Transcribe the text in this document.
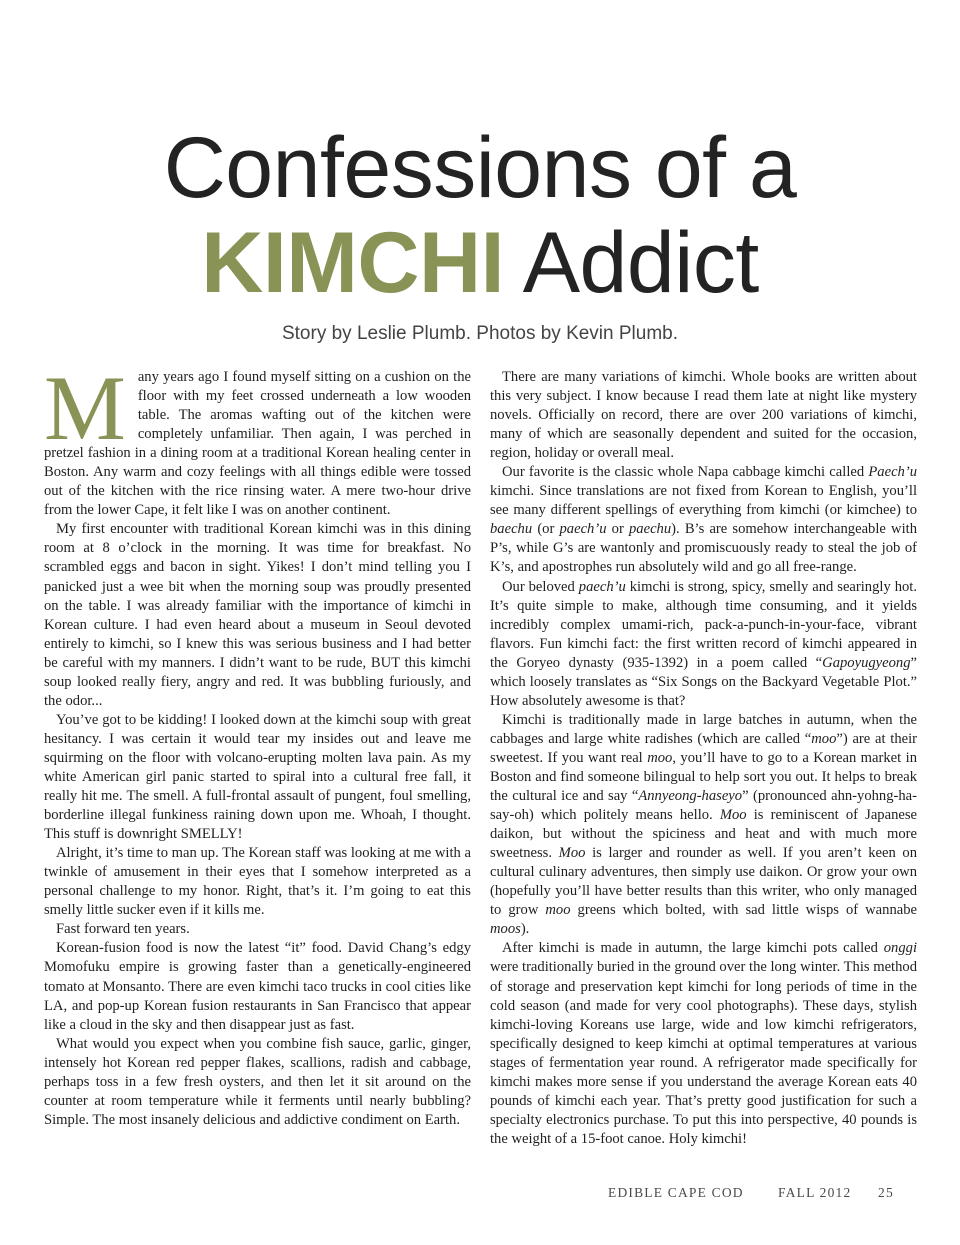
Confessions of a
KIMCHI Addict
Story by Leslie Plumb. Photos by Kevin Plumb.

Many years ago I found myself sitting on a cushion on the floor with my feet crossed underneath a low wooden table. The aromas wafting out of the kitchen were completely unfamiliar. Then again, I was perched in pretzel fashion in a dining room at a traditional Korean healing center in Boston. Any warm and cozy feelings with all things edible were tossed out of the kitchen with the rice rinsing water. A mere two-hour drive from the lower Cape, it felt like I was on another continent.

My first encounter with traditional Korean kimchi was in this dining room at 8 o’clock in the morning. It was time for breakfast. No scrambled eggs and bacon in sight. Yikes! I don’t mind telling you I panicked just a wee bit when the morning soup was proudly presented on the table. I was already familiar with the importance of kimchi in Korean culture. I had even heard about a museum in Seoul devoted entirely to kimchi, so I knew this was serious business and I had better be careful with my manners. I didn’t want to be rude, BUT this kimchi soup looked really fiery, angry and red. It was bubbling furiously, and the odor...

You’ve got to be kidding! I looked down at the kimchi soup with great hesitancy. I was certain it would tear my insides out and leave me squirming on the floor with volcano-erupting molten lava pain. As my white American girl panic started to spiral into a cultural free fall, it really hit me. The smell. A full-frontal assault of pungent, foul smelling, borderline illegal funkiness raining down upon me. Whoah, I thought. This stuff is downright SMELLY!

Alright, it’s time to man up. The Korean staff was looking at me with a twinkle of amusement in their eyes that I somehow interpreted as a personal challenge to my honor. Right, that’s it. I’m going to eat this smelly little sucker even if it kills me.

Fast forward ten years.

Korean-fusion food is now the latest “it” food. David Chang’s edgy Momofuku empire is growing faster than a genetically-engineered tomato at Monsanto. There are even kimchi taco trucks in cool cities like LA, and pop-up Korean fusion restaurants in San Francisco that appear like a cloud in the sky and then disappear just as fast.

What would you expect when you combine fish sauce, garlic, ginger, intensely hot Korean red pepper flakes, scallions, radish and cabbage, perhaps toss in a few fresh oysters, and then let it sit around on the counter at room temperature while it ferments until nearly bubbling? Simple. The most insanely delicious and addictive condiment on Earth.

There are many variations of kimchi. Whole books are written about this very subject. I know because I read them late at night like mystery novels. Officially on record, there are over 200 variations of kimchi, many of which are seasonally dependent and suited for the occasion, region, holiday or overall meal.

Our favorite is the classic whole Napa cabbage kimchi called Paech’u kimchi. Since translations are not fixed from Korean to English, you’ll see many different spellings of everything from kimchi (or kimchee) to baechu (or paech’u or paechu). B’s are somehow interchangeable with P’s, while G’s are wantonly and promiscuously ready to steal the job of K’s, and apostrophes run absolutely wild and go all free-range.

Our beloved paech’u kimchi is strong, spicy, smelly and searingly hot. It’s quite simple to make, although time consuming, and it yields incredibly complex umami-rich, pack-a-punch-in-your-face, vibrant flavors. Fun kimchi fact: the first written record of kimchi appeared in the Goryeo dynasty (935-1392) in a poem called “Gapoyugyeong” which loosely translates as “Six Songs on the Backyard Vegetable Plot.” How absolutely awesome is that?

Kimchi is traditionally made in large batches in autumn, when the cabbages and large white radishes (which are called “moo”) are at their sweetest. If you want real moo, you’ll have to go to a Korean market in Boston and find someone bilingual to help sort you out. It helps to break the cultural ice and say “Annyeong-haseyo” (pronounced ahn-yohng-ha-say-oh) which politely means hello. Moo is reminiscent of Japanese daikon, but without the spiciness and heat and with much more sweetness. Moo is larger and rounder as well. If you aren’t keen on cultural culinary adventures, then simply use daikon. Or grow your own (hopefully you’ll have better results than this writer, who only managed to grow moo greens which bolted, with sad little wisps of wannabe moos).

After kimchi is made in autumn, the large kimchi pots called onggi were traditionally buried in the ground over the long winter. This method of storage and preservation kept kimchi for long periods of time in the cold season (and made for very cool photographs). These days, stylish kimchi-loving Koreans use large, wide and low kimchi refrigerators, specifically designed to keep kimchi at optimal temperatures at various stages of fermentation year round. A refrigerator made specifically for kimchi makes more sense if you understand the average Korean eats 40 pounds of kimchi each year. That’s pretty good justification for such a specialty electronics purchase. To put this into perspective, 40 pounds is the weight of a 15-foot canoe. Holy kimchi!

EDIBLE CAPE COD	FALL 2012 25
